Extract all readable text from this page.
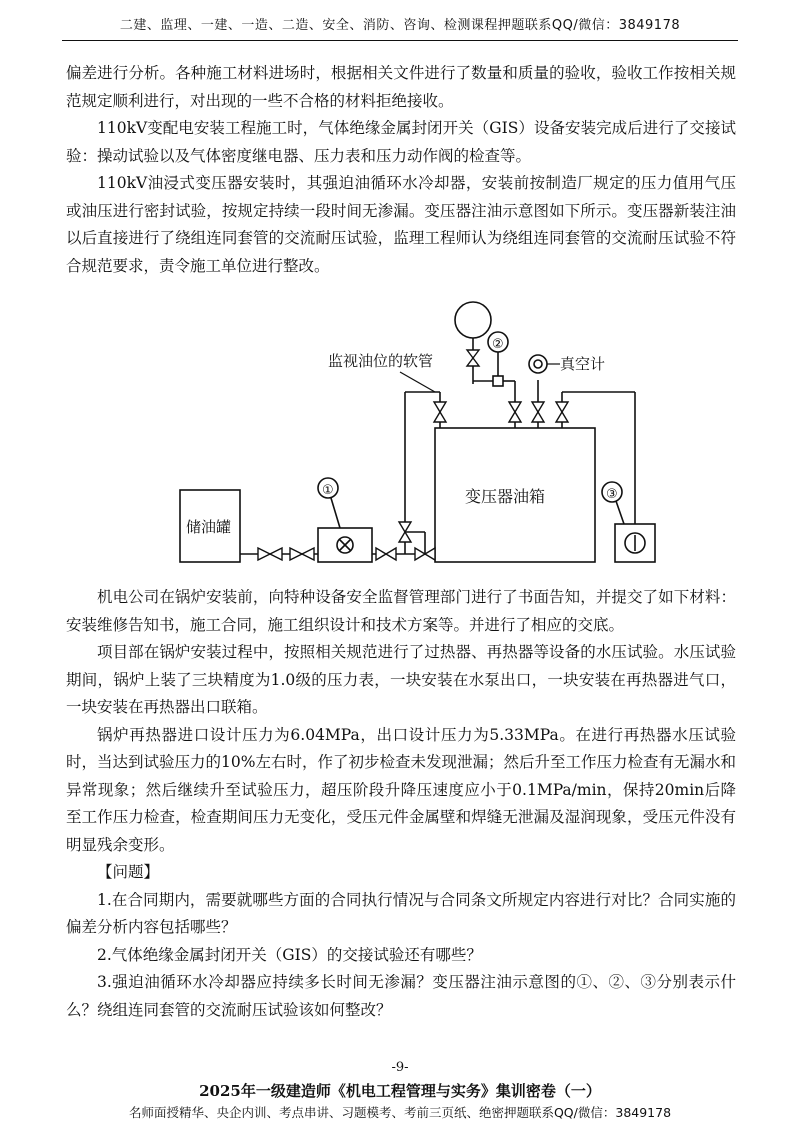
二建、监理、一建、一造、二造、安全、消防、咨询、检测课程押题联系QQ/微信：3849178

偏差进行分析。各种施工材料进场时，根据相关文件进行了数量和质量的验收，验收工作按相关规范规定顺利进行，对出现的一些不合格的材料拒绝接收。

110kV变配电安装工程施工时，气体绝缘金属封闭开关（GIS）设备安装完成后进行了交接试验：操动试验以及气体密度继电器、压力表和压力动作阀的检查等。

110kV油浸式变压器安装时，其强迫油循环水冷却器，安装前按制造厂规定的压力值用气压或油压进行密封试验，按规定持续一段时间无渗漏。变压器注油示意图如下所示。变压器新装注油以后直接进行了绕组连同套管的交流耐压试验，监理工程师认为绕组连同套管的交流耐压试验不符合规范要求，责令施工单位进行整改。

监视油位的软管	真空计
变压器油箱
储油罐
①
②
③

机电公司在锅炉安装前，向特种设备安全监督管理部门进行了书面告知，并提交了如下材料：安装维修告知书，施工合同，施工组织设计和技术方案等。并进行了相应的交底。

项目部在锅炉安装过程中，按照相关规范进行了过热器、再热器等设备的水压试验。水压试验期间，锅炉上装了三块精度为1.0级的压力表，一块安装在水泵出口，一块安装在再热器进气口，一块安装在再热器出口联箱。

锅炉再热器进口设计压力为6.04MPa，出口设计压力为5.33MPa。在进行再热器水压试验时，当达到试验压力的10%左右时，作了初步检查未发现泄漏；然后升至工作压力检查有无漏水和异常现象；然后继续升至试验压力，超压阶段升降压速度应小于0.1MPa/min，保持20min后降至工作压力检查，检查期间压力无变化，受压元件金属壁和焊缝无泄漏及湿润现象，受压元件没有明显残余变形。

【问题】

1.在合同期内，需要就哪些方面的合同执行情况与合同条文所规定内容进行对比？合同实施的偏差分析内容包括哪些？

2.气体绝缘金属封闭开关（GIS）的交接试验还有哪些？

3.强迫油循环水冷却器应持续多长时间无渗漏？变压器注油示意图的①、②、③分别表示什么？绕组连同套管的交流耐压试验该如何整改？

-9-
2025年一级建造师《机电工程管理与实务》集训密卷（一）
名师面授精华、央企内训、考点串讲、习题模考、考前三页纸、绝密押题联系QQ/微信：3849178
